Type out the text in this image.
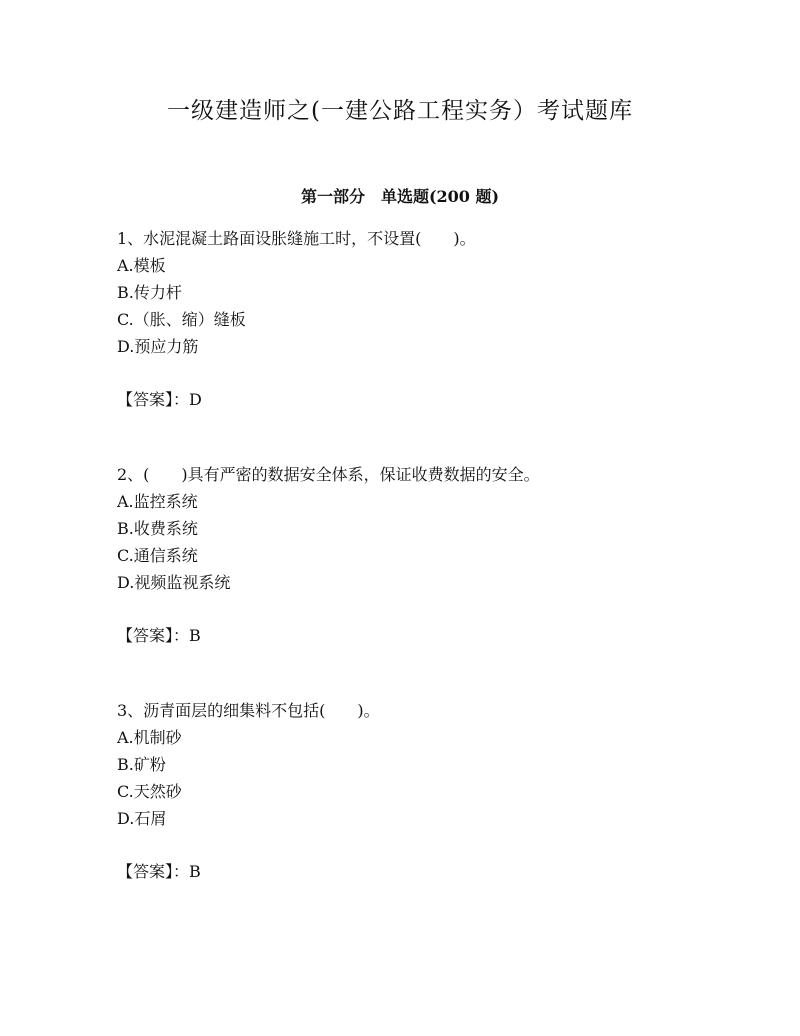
一级建造师之(一建公路工程实务）考试题库
第一部分　单选题(200 题)
1、水泥混凝土路面设胀缝施工时，不设置(　　)。
A.模板
B.传力杆
C.（胀、缩）缝板
D.预应力筋
【答案】：D
2、(　　)具有严密的数据安全体系，保证收费数据的安全。
A.监控系统
B.收费系统
C.通信系统
D.视频监视系统
【答案】：B
3、沥青面层的细集料不包括(　　)。
A.机制砂
B.矿粉
C.天然砂
D.石屑
【答案】：B
